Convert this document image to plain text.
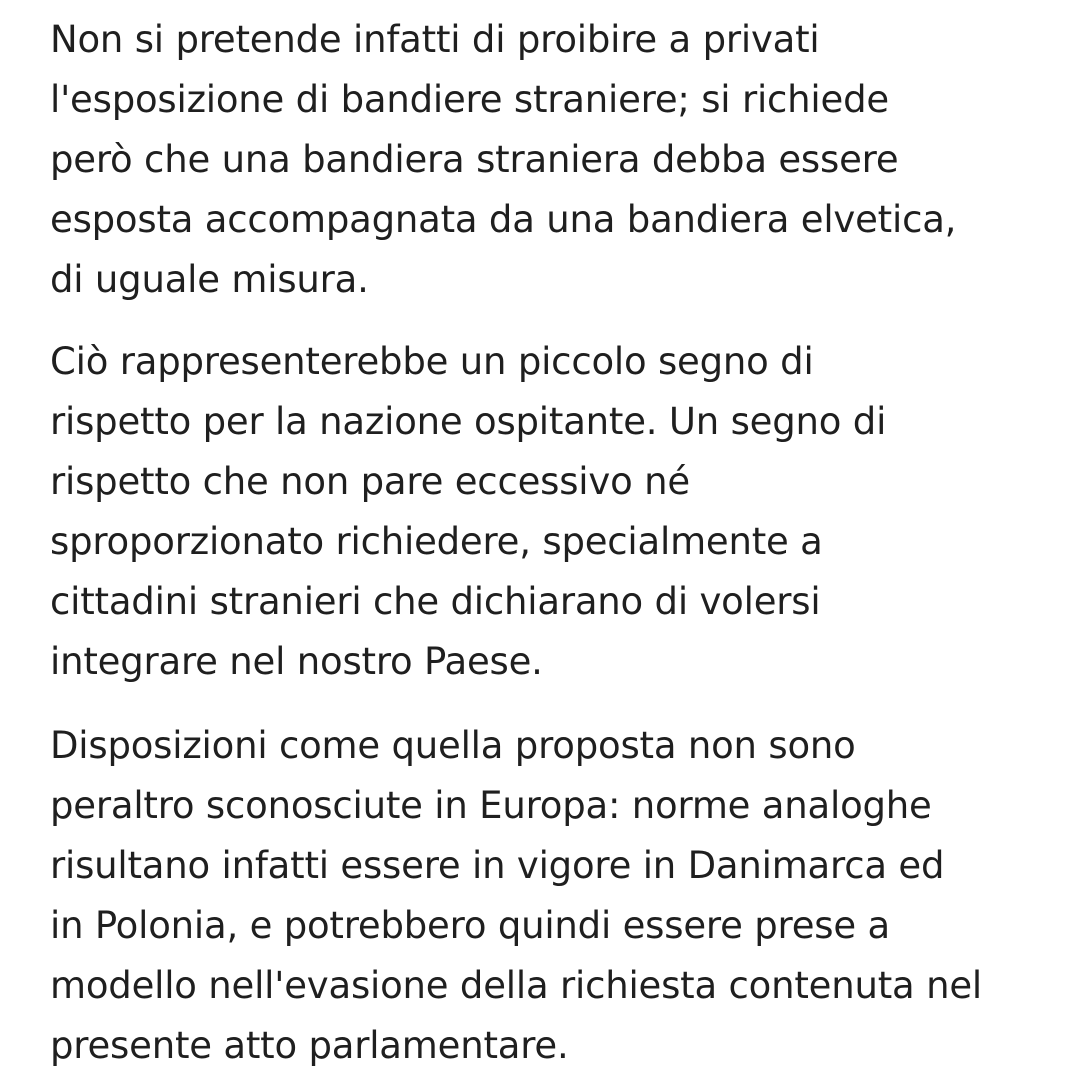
Non si pretende infatti di proibire a privati
l'esposizione di bandiere straniere; si richiede
però che una bandiera straniera debba essere
esposta accompagnata da una bandiera elvetica,
di uguale misura.

Ciò rappresenterebbe un piccolo segno di
rispetto per la nazione ospitante. Un segno di
rispetto che non pare eccessivo né
sproporzionato richiedere, specialmente a
cittadini stranieri che dichiarano di volersi
integrare nel nostro Paese.

Disposizioni come quella proposta non sono
peraltro sconosciute in Europa: norme analoghe
risultano infatti essere in vigore in Danimarca ed
in Polonia, e potrebbero quindi essere prese a
modello nell'evasione della richiesta contenuta nel
presente atto parlamentare.
